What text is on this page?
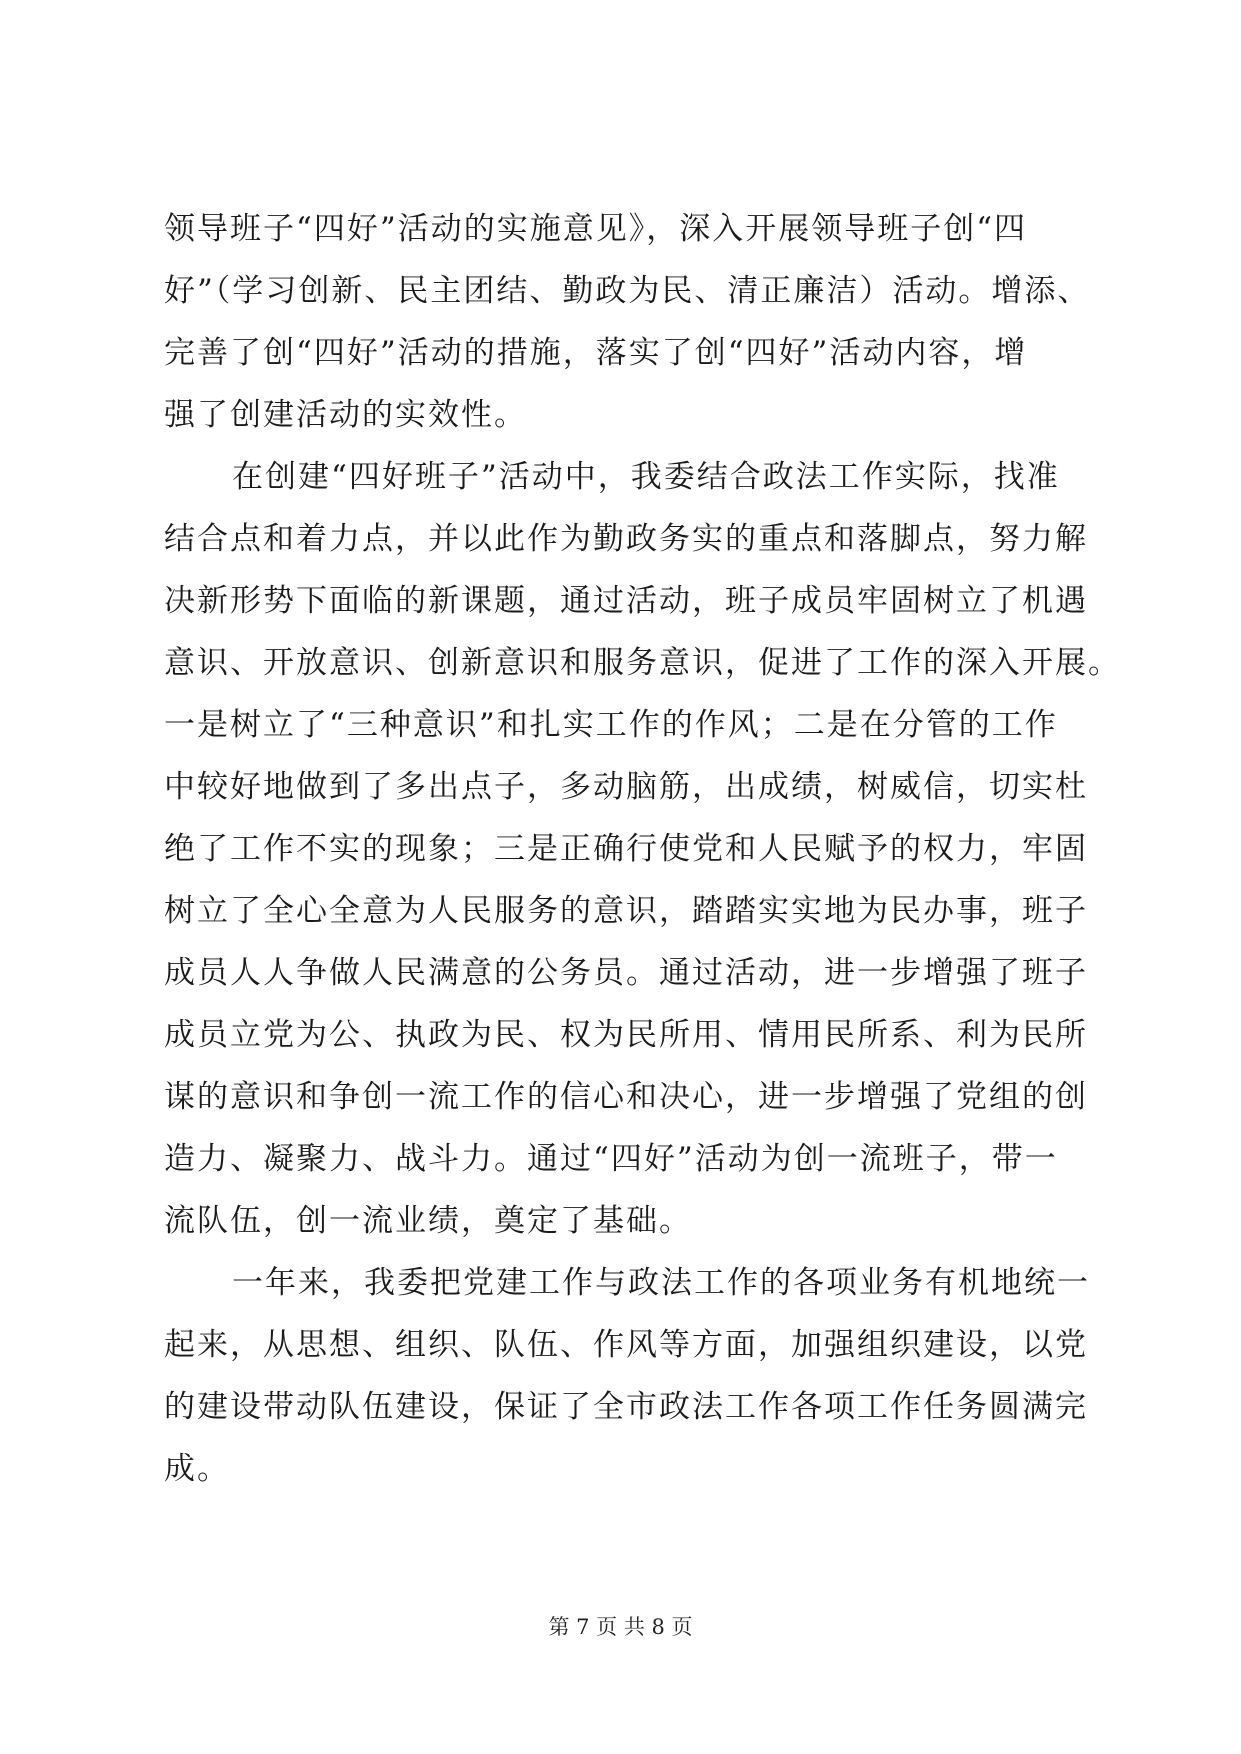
领导班子“四好”活动的实施意见》，深入开展领导班子创“四
好”（学习创新、民主团结、勤政为民、清正廉洁）活动。增添、
完善了创“四好”活动的措施，落实了创“四好”活动内容，增
强了创建活动的实效性。
在创建“四好班子”活动中，我委结合政法工作实际，找准
结合点和着力点，并以此作为勤政务实的重点和落脚点，努力解
决新形势下面临的新课题，通过活动，班子成员牢固树立了机遇
意识、开放意识、创新意识和服务意识，促进了工作的深入开展。
一是树立了“三种意识”和扎实工作的作风；二是在分管的工作
中较好地做到了多出点子，多动脑筋，出成绩，树威信，切实杜
绝了工作不实的现象；三是正确行使党和人民赋予的权力，牢固
树立了全心全意为人民服务的意识，踏踏实实地为民办事，班子
成员人人争做人民满意的公务员。通过活动，进一步增强了班子
成员立党为公、执政为民、权为民所用、情用民所系、利为民所
谋的意识和争创一流工作的信心和决心，进一步增强了党组的创
造力、凝聚力、战斗力。通过“四好”活动为创一流班子，带一
流队伍，创一流业绩，奠定了基础。
一年来，我委把党建工作与政法工作的各项业务有机地统一
起来，从思想、组织、队伍、作风等方面，加强组织建设，以党
的建设带动队伍建设，保证了全市政法工作各项工作任务圆满完
成。
第 7 页 共 8 页
